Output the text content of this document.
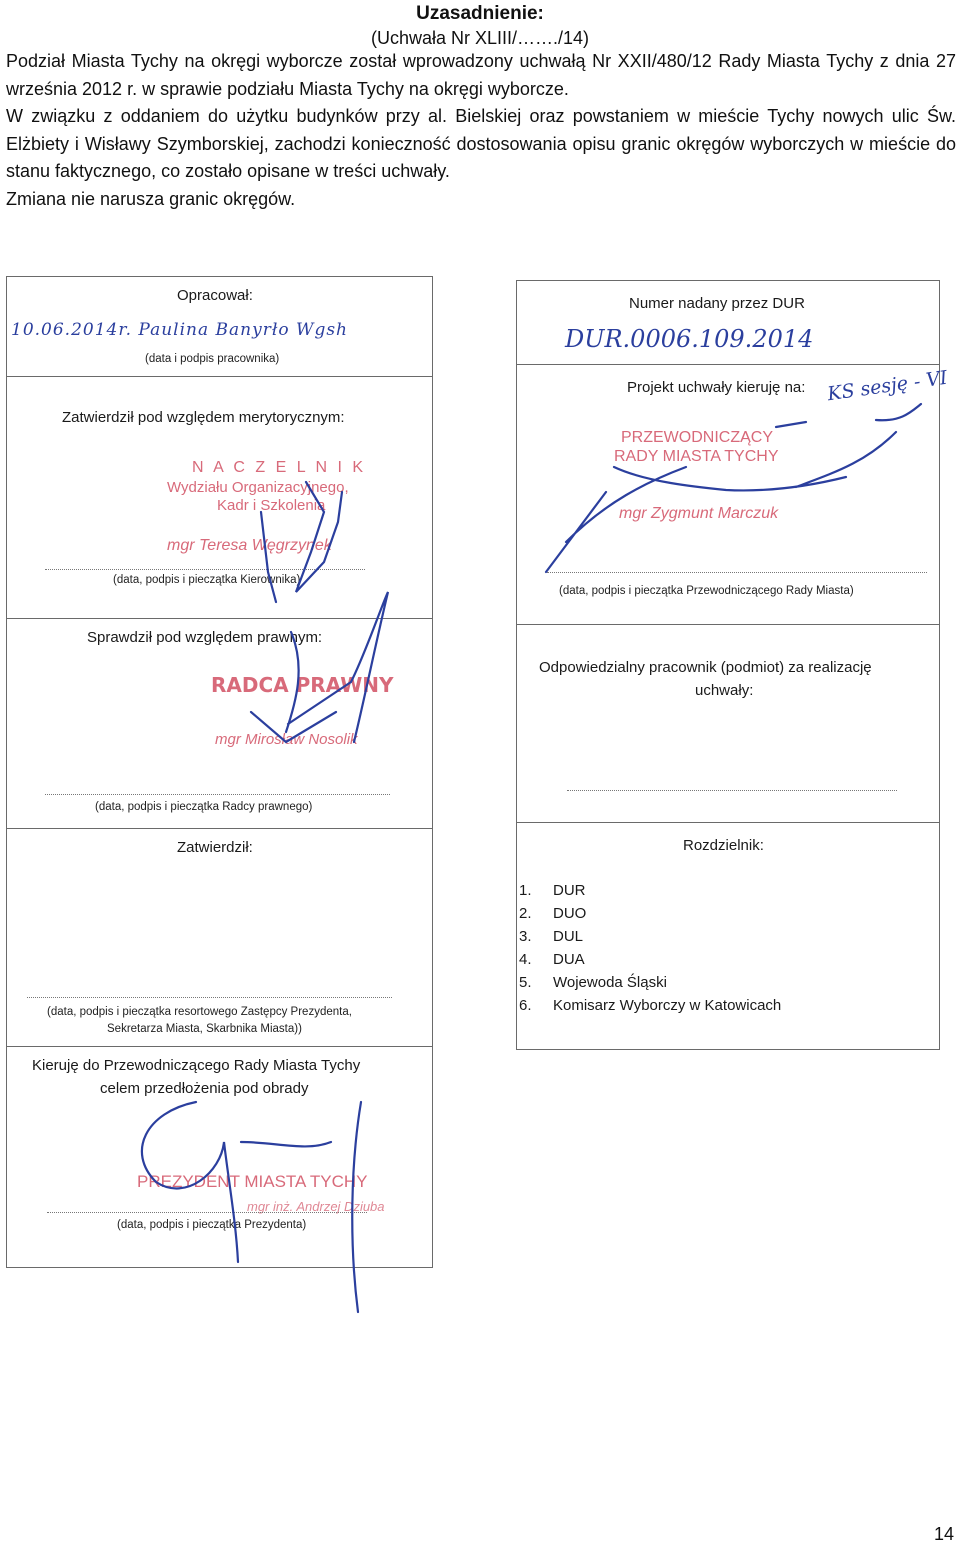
Uzasadnienie:
(Uchwała Nr XLIII/……./14)

Podział Miasta Tychy na okręgi wyborcze został wprowadzony uchwałą Nr XXII/480/12 Rady Miasta Tychy z dnia 27 września 2012 r. w sprawie podziału Miasta Tychy na okręgi wyborcze.

W związku z oddaniem do użytku budynków przy al. Bielskiej oraz powstaniem w mieście Tychy nowych ulic Św. Elżbiety i Wisławy Szymborskiej, zachodzi konieczność dostosowania opisu granic okręgów wyborczych w mieście do stanu faktycznego, co zostało opisane w treści uchwały.

Zmiana nie narusza granic okręgów.

Opracował:
10.06.2014r. Paulina Banyrło Wgsh
(data i podpis pracownika)
Zatwierdził pod względem merytorycznym:
N A C Z E L N I K
Wydziału Organizacyjnego,
Kadr i Szkolenia
mgr Teresa Węgrzynek
(data, podpis i pieczątka Kierownika)
Sprawdził pod względem prawnym:
RADCA PRAWNY
mgr Mirosław Nosolik
(data, podpis i pieczątka Radcy prawnego)
Zatwierdził:
(data, podpis i pieczątka resortowego Zastępcy Prezydenta,
Sekretarza Miasta, Skarbnika Miasta))
Kieruję do Przewodniczącego Rady Miasta Tychy
celem przedłożenia pod obrady
PREZYDENT MIASTA TYCHY
mgr inż. Andrzej Dziuba
(data, podpis i pieczątka Prezydenta)
Numer nadany przez DUR
DUR.0006.109.2014
Projekt uchwały kieruję na: KS sesję - VI
PRZEWODNICZĄCY
RADY MIASTA TYCHY
mgr Zygmunt Marczuk
(data, podpis i pieczątka Przewodniczącego Rady Miasta)
Odpowiedzialny pracownik (podmiot) za realizację
uchwały:
Rozdzielnik:
1. DUR
2. DUO
3. DUL
4. DUA
5. Wojewoda Śląski
6. Komisarz Wyborczy w Katowicach
14
